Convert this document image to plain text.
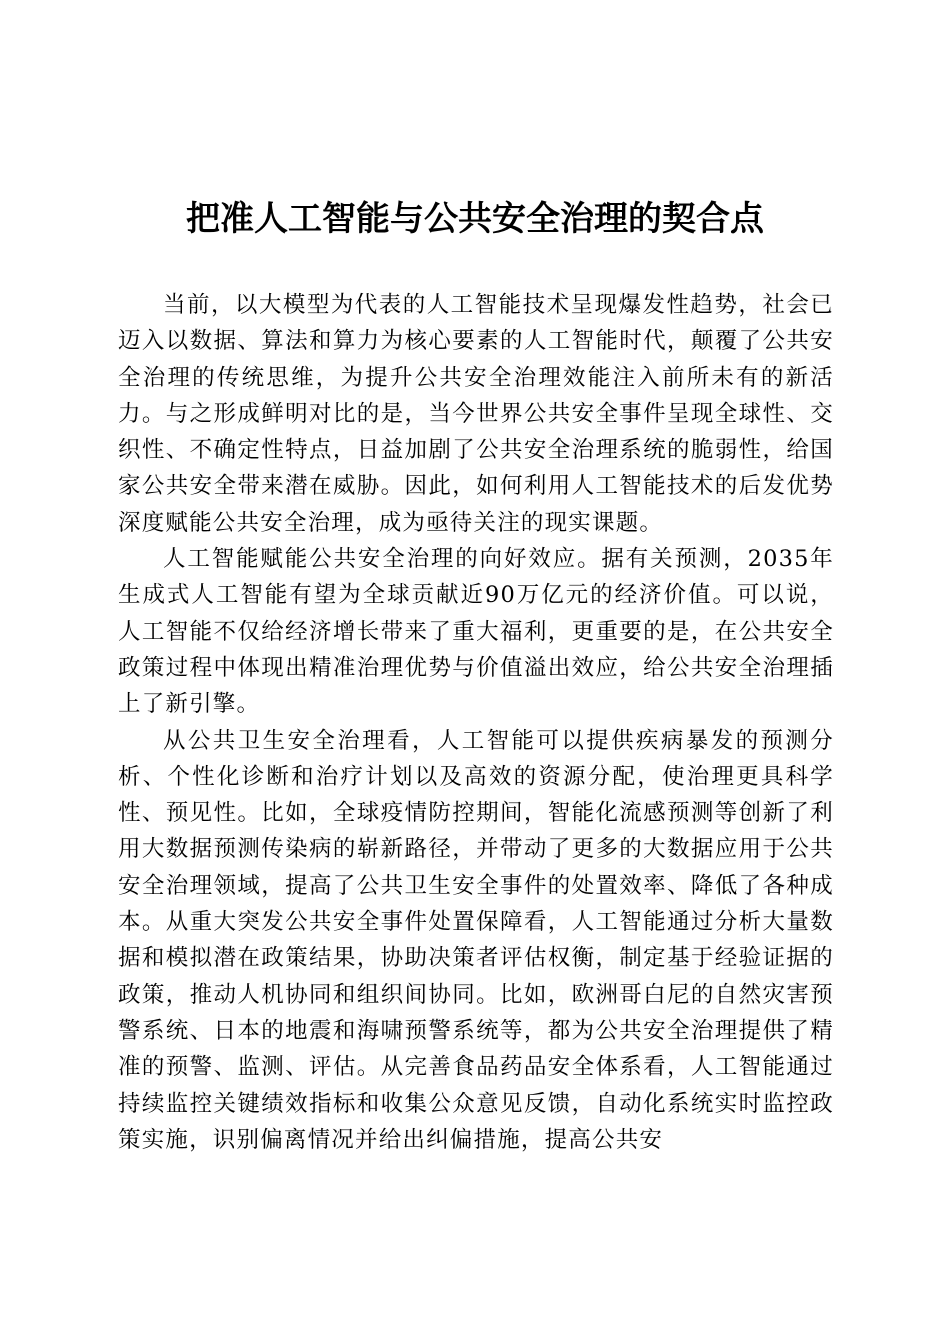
把准人工智能与公共安全治理的契合点

当前，以大模型为代表的人工智能技术呈现爆发性趋势，社会已迈入以数据、算法和算力为核心要素的人工智能时代，颠覆了公共安全治理的传统思维，为提升公共安全治理效能注入前所未有的新活力。与之形成鲜明对比的是，当今世界公共安全事件呈现全球性、交织性、不确定性特点，日益加剧了公共安全治理系统的脆弱性，给国家公共安全带来潜在威胁。因此，如何利用人工智能技术的后发优势深度赋能公共安全治理，成为亟待关注的现实课题。

人工智能赋能公共安全治理的向好效应。据有关预测，2035年生成式人工智能有望为全球贡献近90万亿元的经济价值。可以说，人工智能不仅给经济增长带来了重大福利，更重要的是，在公共安全政策过程中体现出精准治理优势与价值溢出效应，给公共安全治理插上了新引擎。

从公共卫生安全治理看，人工智能可以提供疾病暴发的预测分析、个性化诊断和治疗计划以及高效的资源分配，使治理更具科学性、预见性。比如，全球疫情防控期间，智能化流感预测等创新了利用大数据预测传染病的崭新路径，并带动了更多的大数据应用于公共安全治理领域，提高了公共卫生安全事件的处置效率、降低了各种成本。从重大突发公共安全事件处置保障看，人工智能通过分析大量数据和模拟潜在政策结果，协助决策者评估权衡，制定基于经验证据的政策，推动人机协同和组织间协同。比如，欧洲哥白尼的自然灾害预警系统、日本的地震和海啸预警系统等，都为公共安全治理提供了精准的预警、监测、评估。从完善食品药品安全体系看，人工智能通过持续监控关键绩效指标和收集公众意见反馈，自动化系统实时监控政策实施，识别偏离情况并给出纠偏措施，提高公共安
